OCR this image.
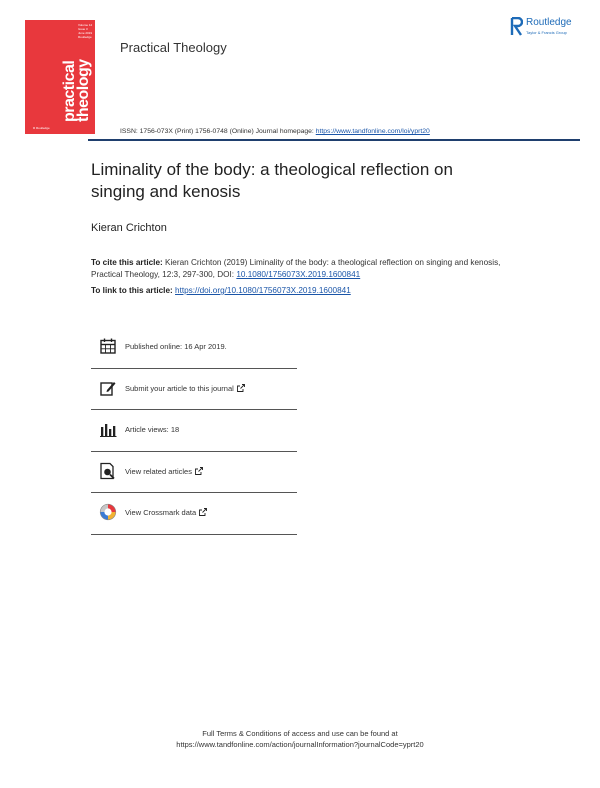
Volume 12
Issue 3
June 2019
Routledge
practical
theology
R Routledge
Practical Theology
Routledge
Taylor & Francis Group
ISSN: 1756-073X (Print) 1756-0748 (Online) Journal homepage: https://www.tandfonline.com/loi/yprt20
Liminality of the body: a theological reflection on
singing and kenosis
Kieran Crichton
To cite this article: Kieran Crichton (2019) Liminality of the body: a theological reflection on singing and kenosis, Practical Theology, 12:3, 297-300, DOI: 10.1080/1756073X.2019.1600841
To link to this article: https://doi.org/10.1080/1756073X.2019.1600841
Published online: 16 Apr 2019.
Submit your article to this journal
Article views: 18
View related articles
View Crossmark data
Full Terms & Conditions of access and use can be found at
https://www.tandfonline.com/action/journalInformation?journalCode=yprt20
